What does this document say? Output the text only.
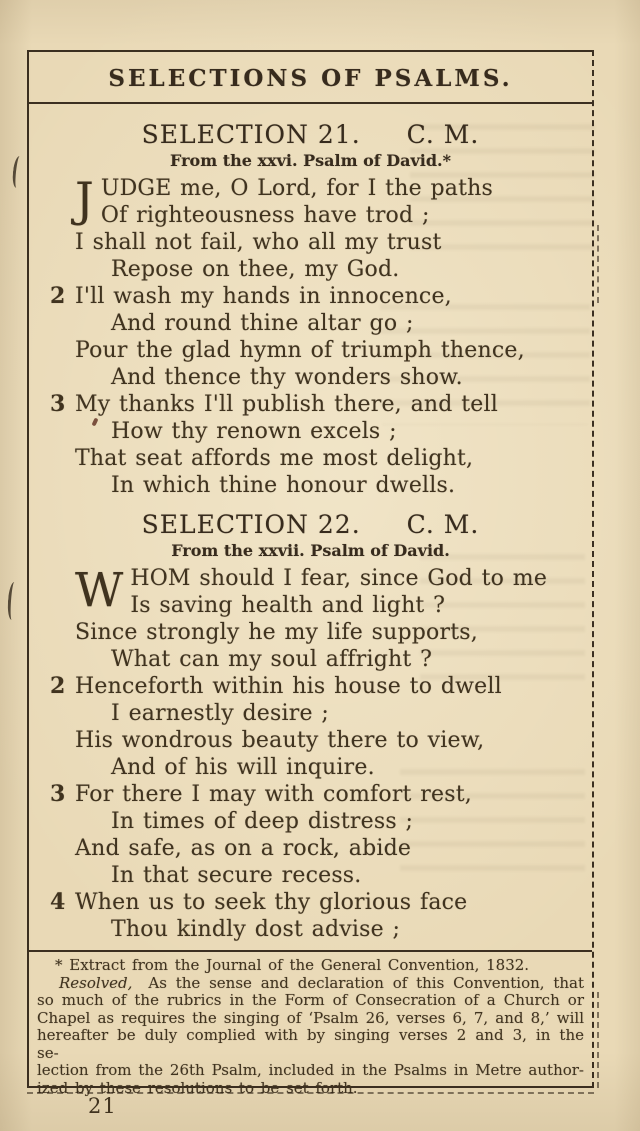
SELECTIONS OF PSALMS.
SELECTION 21. C. M.
From the xxvi. Psalm of David.*
J UDGE me, O Lord, for I the paths
Of righteousness have trod ;
I shall not fail, who all my trust
Repose on thee, my God.
2 I'll wash my hands in innocence,
And round thine altar go ;
Pour the glad hymn of triumph thence,
And thence thy wonders show.
3 My thanks I'll publish there, and tell
How thy renown excels ;
That seat affords me most delight,
In which thine honour dwells.
SELECTION 22. C. M.
From the xxvii. Psalm of David.
W HOM should I fear, since God to me
Is saving health and light ?
Since strongly he my life supports,
What can my soul affright ?
2 Henceforth within his house to dwell
I earnestly desire ;
His wondrous beauty there to view,
And of his will inquire.
3 For there I may with comfort rest,
In times of deep distress ;
And safe, as on a rock, abide
In that secure recess.
4 When us to seek thy glorious face
Thou kindly dost advise ;
* Extract from the Journal of the General Convention, 1832.
Resolved, As the sense and declaration of this Convention, that
so much of the rubrics in the Form of Consecration of a Church or
Chapel as requires the singing of ‘Psalm 26, verses 6, 7, and 8,’ will
hereafter be duly complied with by singing verses 2 and 3, in the se-
lection from the 26th Psalm, included in the Psalms in Metre author-
ized by these resolutions to be set forth.
21
